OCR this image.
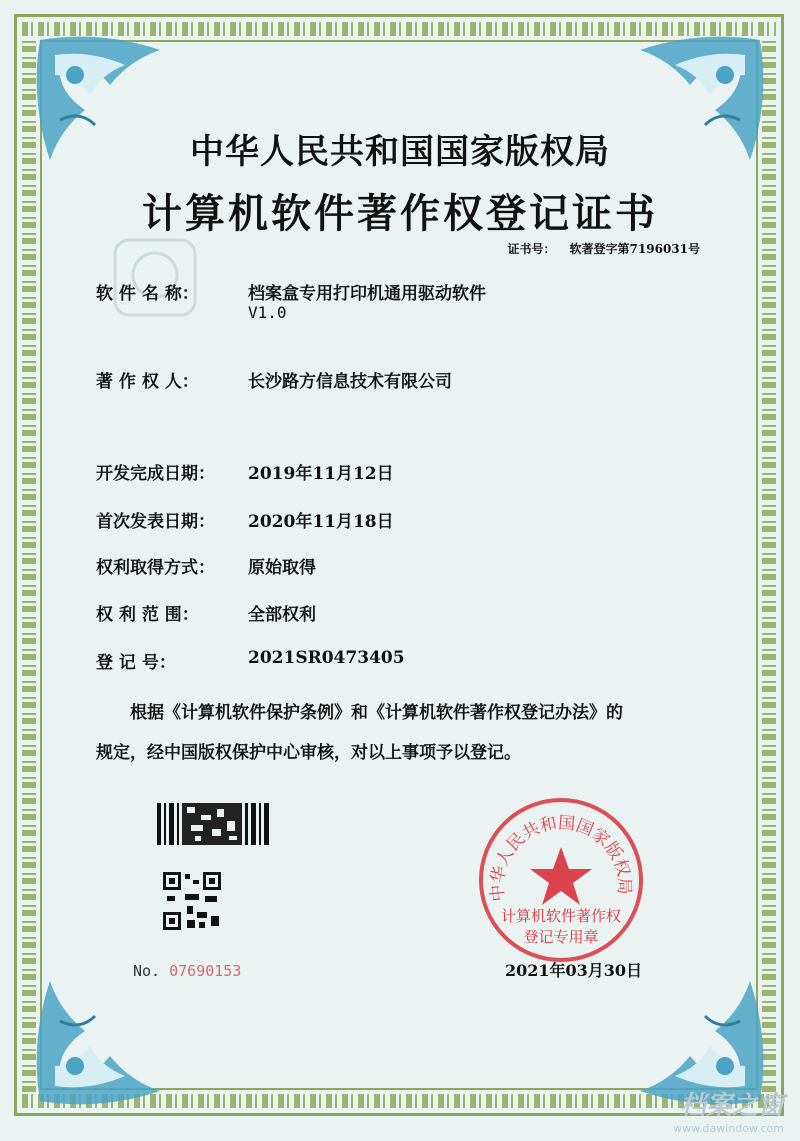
中华人民共和国国家版权局
计算机软件著作权登记证书
证书号： 软著登字第7196031号
软 件 名 称：	档案盒专用打印机通用驱动软件
V1.0
著 作 权 人：	长沙路方信息技术有限公司
开发完成日期：	2019年11月12日
首次发表日期：	2020年11月18日
权利取得方式：	原始取得
权 利 范 围：	全部权利
登 记 号：	2021SR0473405
根据《计算机软件保护条例》和《计算机软件著作权登记办法》的
规定，经中国版权保护中心审核，对以上事项予以登记。
No. 07690153
中华人民共和国国家版权局
计算机软件著作权
登记专用章
2021年03月30日
档案之窗
www.dawindow.com
